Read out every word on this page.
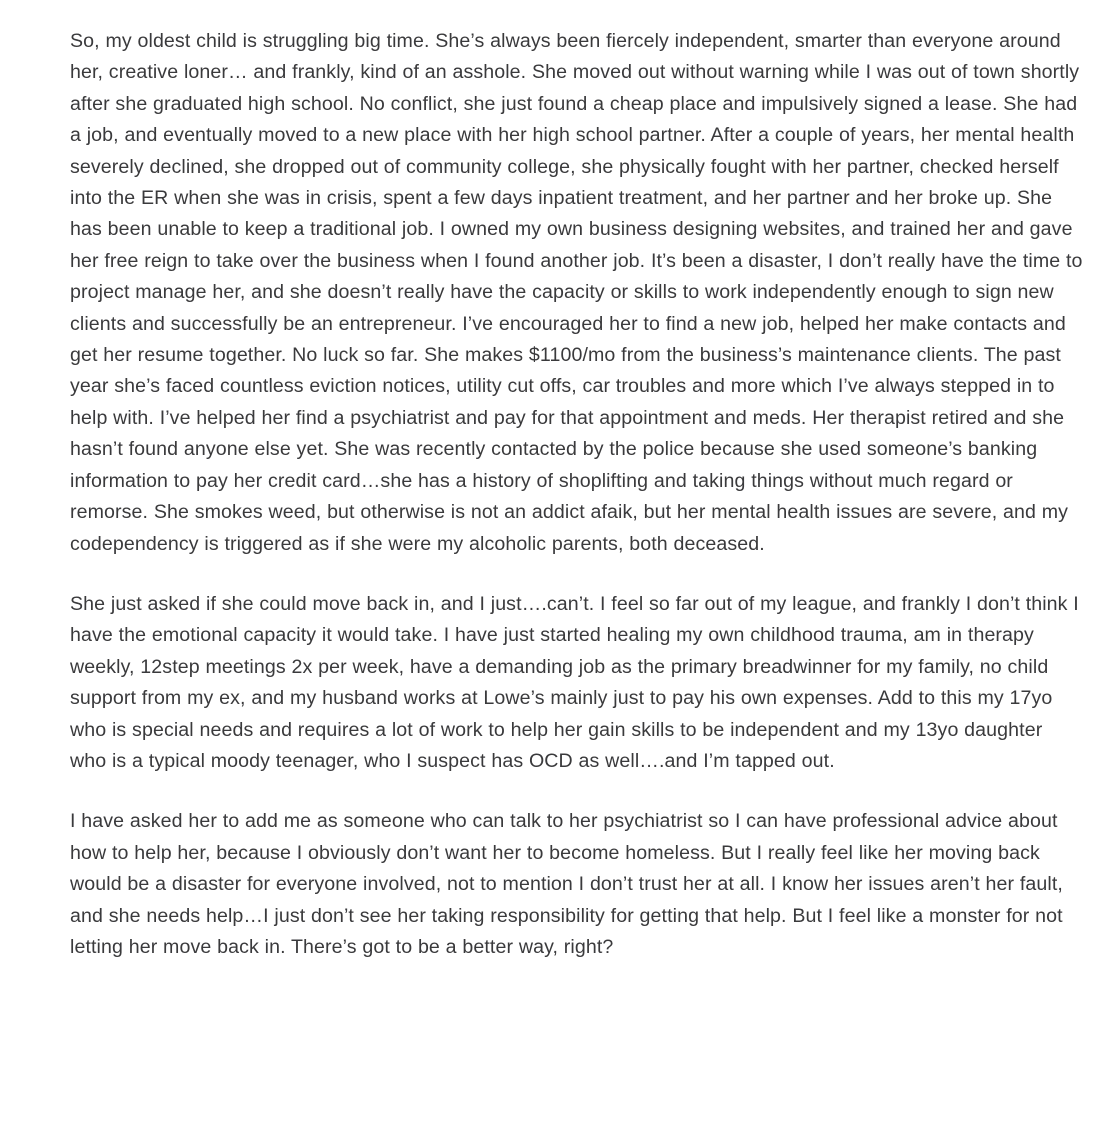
So, my oldest child is struggling big time. She’s always been fiercely independent, smarter than everyone around her, creative loner… and frankly, kind of an asshole. She moved out without warning while I was out of town shortly after she graduated high school. No conflict, she just found a cheap place and impulsively signed a lease. She had a job, and eventually moved to a new place with her high school partner. After a couple of years, her mental health severely declined, she dropped out of community college, she physically fought with her partner, checked herself into the ER when she was in crisis, spent a few days inpatient treatment, and her partner and her broke up. She has been unable to keep a traditional job. I owned my own business designing websites, and trained her and gave her free reign to take over the business when I found another job. It’s been a disaster, I don’t really have the time to project manage her, and she doesn’t really have the capacity or skills to work independently enough to sign new clients and successfully be an entrepreneur. I’ve encouraged her to find a new job, helped her make contacts and get her resume together. No luck so far. She makes $1100/mo from the business’s maintenance clients. The past year she’s faced countless eviction notices, utility cut offs, car troubles and more which I’ve always stepped in to help with. I’ve helped her find a psychiatrist and pay for that appointment and meds. Her therapist retired and she hasn’t found anyone else yet. She was recently contacted by the police because she used someone’s banking information to pay her credit card…she has a history of shoplifting and taking things without much regard or remorse. She smokes weed, but otherwise is not an addict afaik, but her mental health issues are severe, and my codependency is triggered as if she were my alcoholic parents, both deceased.

She just asked if she could move back in, and I just….can’t. I feel so far out of my league, and frankly I don’t think I have the emotional capacity it would take. I have just started healing my own childhood trauma, am in therapy weekly, 12step meetings 2x per week, have a demanding job as the primary breadwinner for my family, no child support from my ex, and my husband works at Lowe’s mainly just to pay his own expenses. Add to this my 17yo who is special needs and requires a lot of work to help her gain skills to be independent and my 13yo daughter who is a typical moody teenager, who I suspect has OCD as well….and I’m tapped out.

I have asked her to add me as someone who can talk to her psychiatrist so I can have professional advice about how to help her, because I obviously don’t want her to become homeless. But I really feel like her moving back would be a disaster for everyone involved, not to mention I don’t trust her at all. I know her issues aren’t her fault, and she needs help…I just don’t see her taking responsibility for getting that help. But I feel like a monster for not letting her move back in. There’s got to be a better way, right?
